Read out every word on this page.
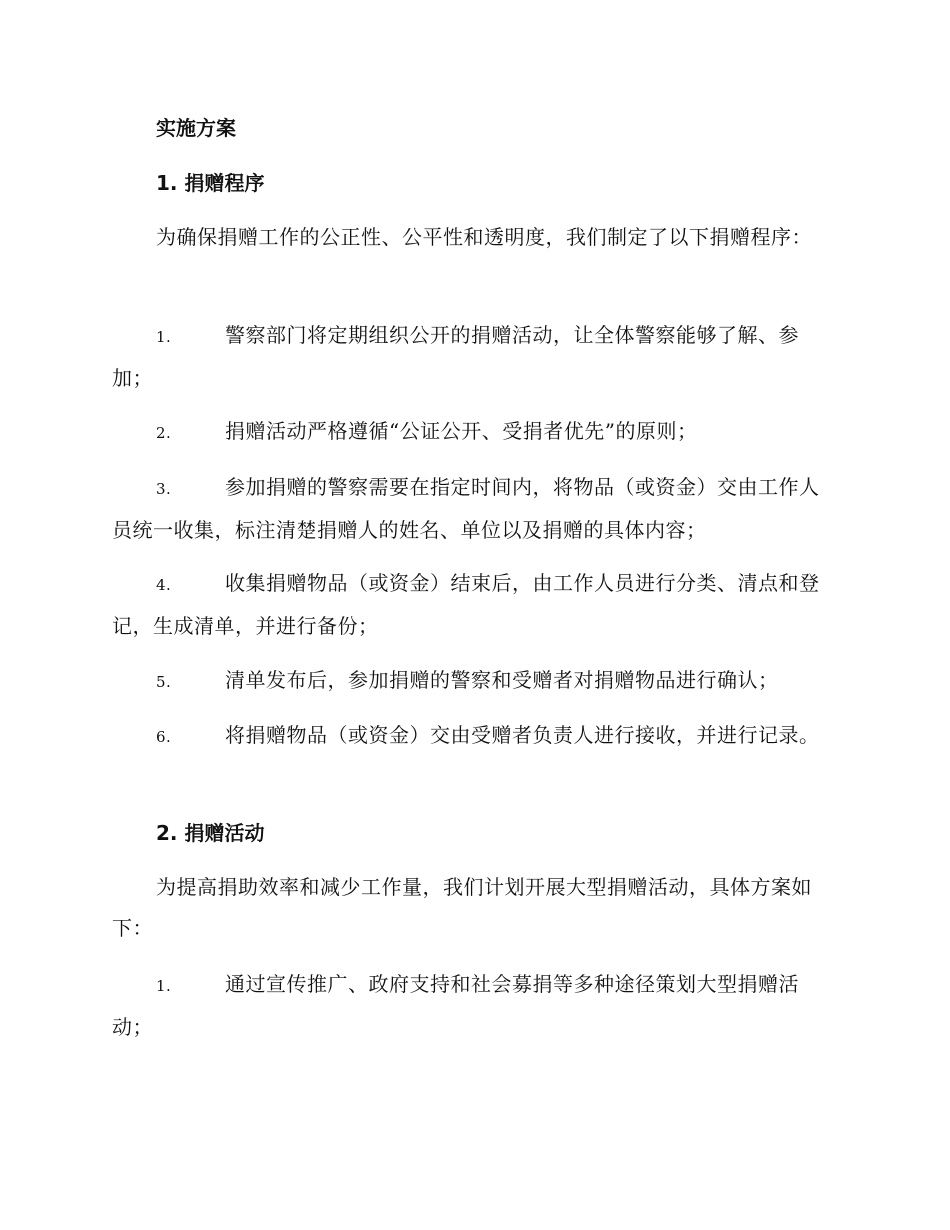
实施方案
1. 捐赠程序

为确保捐赠工作的公正性、公平性和透明度，我们制定了以下捐赠程序：

1.	警察部门将定期组织公开的捐赠活动，让全体警察能够了解、参加；

2.	捐赠活动严格遵循“公证公开、受捐者优先”的原则；

3.	参加捐赠的警察需要在指定时间内，将物品（或资金）交由工作人员统一收集，标注清楚捐赠人的姓名、单位以及捐赠的具体内容；

4.	收集捐赠物品（或资金）结束后，由工作人员进行分类、清点和登记，生成清单，并进行备份；

5.	清单发布后，参加捐赠的警察和受赠者对捐赠物品进行确认；

6.	将捐赠物品（或资金）交由受赠者负责人进行接收，并进行记录。

2. 捐赠活动

为提高捐助效率和减少工作量，我们计划开展大型捐赠活动，具体方案如下：

1.	通过宣传推广、政府支持和社会募捐等多种途径策划大型捐赠活动；
